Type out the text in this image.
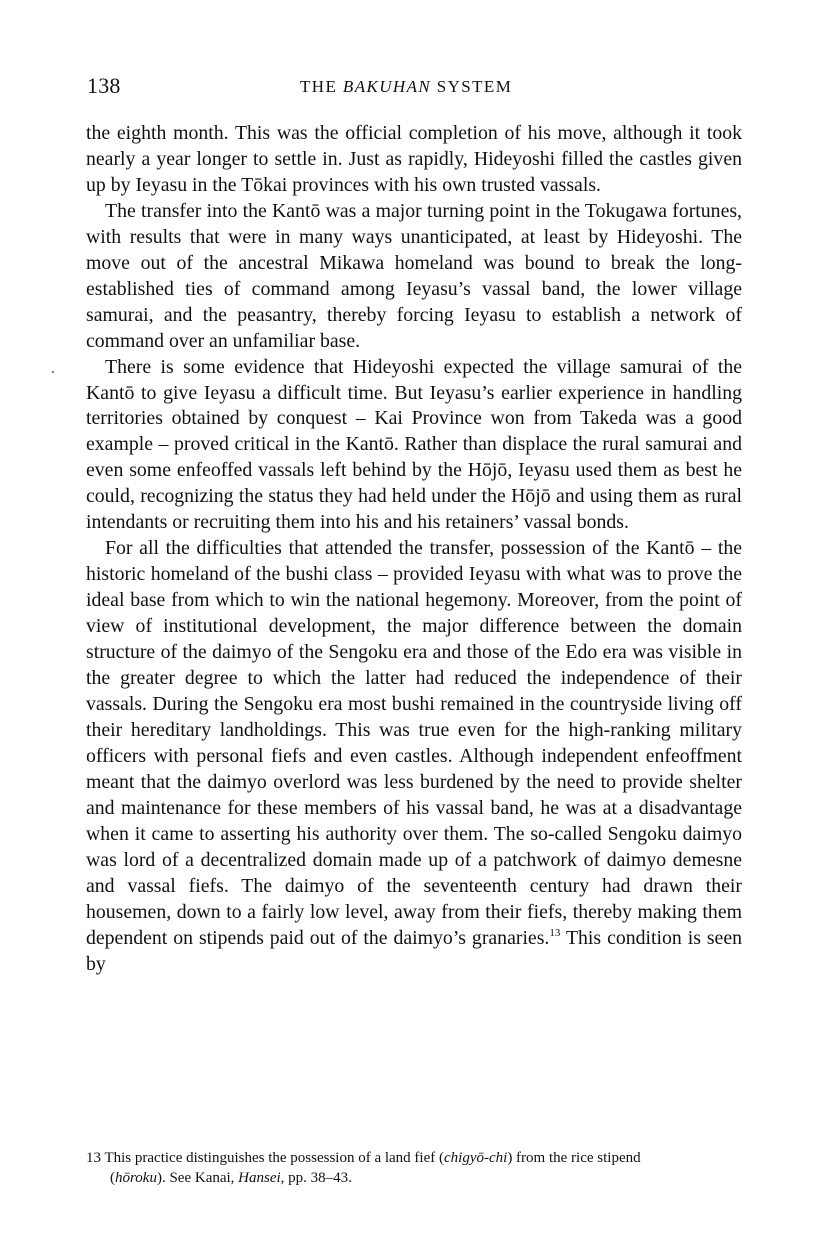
138	THE BAKUHAN SYSTEM

the eighth month. This was the official completion of his move, although it took nearly a year longer to settle in. Just as rapidly, Hideyoshi filled the castles given up by Ieyasu in the Tōkai provinces with his own trusted vassals.

The transfer into the Kantō was a major turning point in the Tokugawa fortunes, with results that were in many ways unanticipated, at least by Hideyoshi. The move out of the ancestral Mikawa homeland was bound to break the long-established ties of command among Ieyasu’s vassal band, the lower village samurai, and the peasantry, thereby forcing Ieyasu to establish a network of command over an unfamiliar base.

There is some evidence that Hideyoshi expected the village samurai of the Kantō to give Ieyasu a difficult time. But Ieyasu’s earlier experience in handling territories obtained by conquest – Kai Province won from Takeda was a good example – proved critical in the Kantō. Rather than displace the rural samurai and even some enfeoffed vassals left behind by the Hōjō, Ieyasu used them as best he could, recognizing the status they had held under the Hōjō and using them as rural intendants or recruiting them into his and his retainers’ vassal bonds.

For all the difficulties that attended the transfer, possession of the Kantō – the historic homeland of the bushi class – provided Ieyasu with what was to prove the ideal base from which to win the national hegemony. Moreover, from the point of view of institutional development, the major difference between the domain structure of the daimyo of the Sengoku era and those of the Edo era was visible in the greater degree to which the latter had reduced the independence of their vassals. During the Sengoku era most bushi remained in the countryside living off their hereditary landholdings. This was true even for the high-ranking military officers with personal fiefs and even castles. Although independent enfeoffment meant that the daimyo overlord was less burdened by the need to provide shelter and maintenance for these members of his vassal band, he was at a disadvantage when it came to asserting his authority over them. The so-called Sengoku daimyo was lord of a decentralized domain made up of a patchwork of daimyo demesne and vassal fiefs. The daimyo of the seventeenth century had drawn their housemen, down to a fairly low level, away from their fiefs, thereby making them dependent on stipends paid out of the daimyo’s granaries.$^{13}$ This condition is seen by

13 This practice distinguishes the possession of a land fief (chigyō-chi) from the rice stipend
(hōroku). See Kanai, Hansei, pp. 38–43.
